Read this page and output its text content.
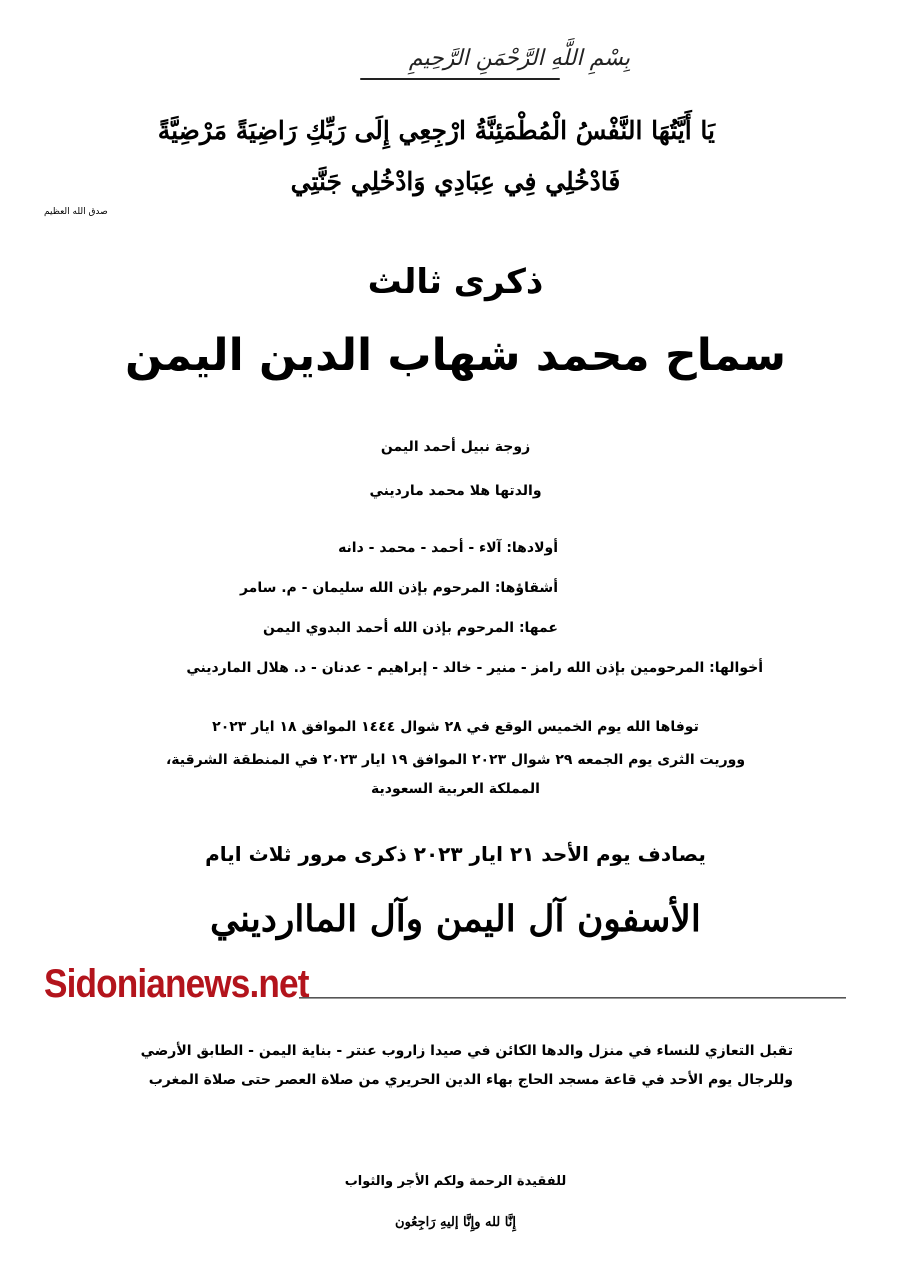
بِسْمِ اللَّهِ الرَّحْمَنِ الرَّحِيمِ
يَا أَيَّتُهَا النَّفْسُ الْمُطْمَئِنَّةُ ارْجِعِي إِلَى رَبِّكِ رَاضِيَةً مَرْضِيَّةً
فَادْخُلِي فِي عِبَادِي وَادْخُلِي جَنَّتِي
صدق الله العظيم
ذكرى ثالث
سماح محمد شهاب الدين اليمن
زوجة نبيل أحمد اليمن
والدتها هلا محمد مارديني
أولادها: آلاء - أحمد - محمد - دانه
أشقاؤها: المرحوم بإذن الله سليمان - م. سامر
عمها: المرحوم بإذن الله أحمد البدوي اليمن
أخوالها: المرحومين بإذن الله رامز - منير - خالد - إبراهيم - عدنان - د. هلال المارديني
توفاها الله يوم الخميس الوقع في ٢٨ شوال ١٤٤٤ الموافق ١٨ ايار ٢٠٢٣
ووريت الثرى يوم الجمعه ٢٩ شوال ٢٠٢٣ الموافق ١٩ ايار ٢٠٢٣ في المنطقة الشرقية،
المملكة العربية السعودية
يصادف يوم الأحد ٢١ ايار ٢٠٢٣ ذكرى مرور ثلاث ايام
الأسفون آل اليمن وآل الماارديني
Sidonianews.net
تقبل التعازي للنساء في منزل والدها الكائن في صيدا زاروب عنتر - بناية اليمن - الطابق الأرضي
وللرجال يوم الأحد في قاعة مسجد الحاج بهاء الدين الحريري من صلاة العصر حتى صلاة المغرب
للفقيدة الرحمة ولكم الأجر والثواب
إِنَّا لله وإِنَّا إليهِ رَاجِعُون
